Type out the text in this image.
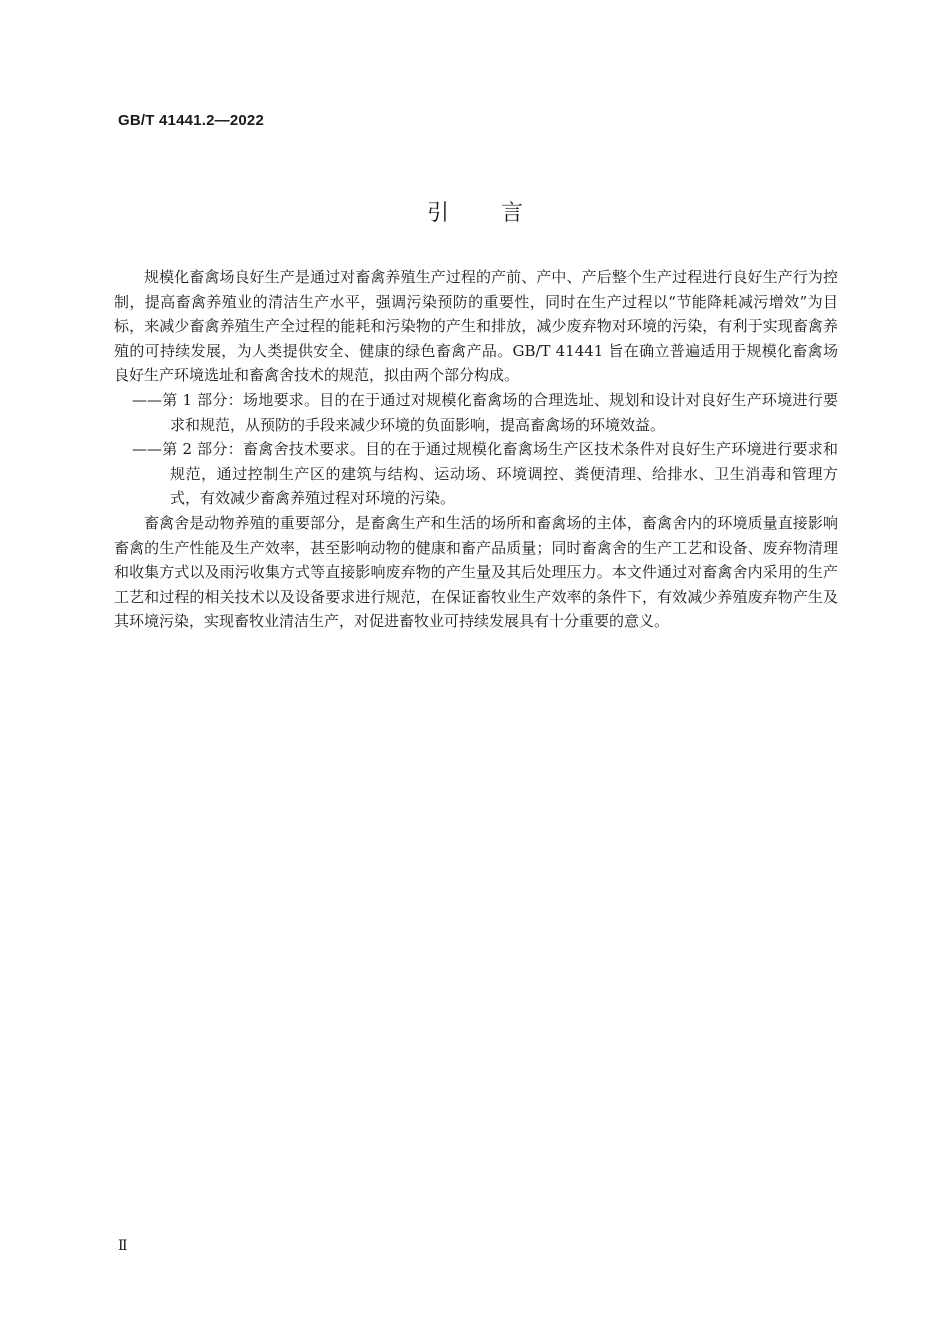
GB/T 41441.2—2022
引言

规模化畜禽场良好生产是通过对畜禽养殖生产过程的产前、产中、产后整个生产过程进行良好生产行为控制，提高畜禽养殖业的清洁生产水平，强调污染预防的重要性，同时在生产过程以“节能降耗减污增效”为目标，来减少畜禽养殖生产全过程的能耗和污染物的产生和排放，减少废弃物对环境的污染，有利于实现畜禽养殖的可持续发展，为人类提供安全、健康的绿色畜禽产品。GB/T 41441 旨在确立普遍适用于规模化畜禽场良好生产环境选址和畜禽舍技术的规范，拟由两个部分构成。

——第 1 部分：场地要求。目的在于通过对规模化畜禽场的合理选址、规划和设计对良好生产环境进行要求和规范，从预防的手段来减少环境的负面影响，提高畜禽场的环境效益。

——第 2 部分：畜禽舍技术要求。目的在于通过规模化畜禽场生产区技术条件对良好生产环境进行要求和规范，通过控制生产区的建筑与结构、运动场、环境调控、粪便清理、给排水、卫生消毒和管理方式，有效减少畜禽养殖过程对环境的污染。

畜禽舍是动物养殖的重要部分，是畜禽生产和生活的场所和畜禽场的主体，畜禽舍内的环境质量直接影响畜禽的生产性能及生产效率，甚至影响动物的健康和畜产品质量；同时畜禽舍的生产工艺和设备、废弃物清理和收集方式以及雨污收集方式等直接影响废弃物的产生量及其后处理压力。本文件通过对畜禽舍内采用的生产工艺和过程的相关技术以及设备要求进行规范，在保证畜牧业生产效率的条件下，有效减少养殖废弃物产生及其环境污染，实现畜牧业清洁生产，对促进畜牧业可持续发展具有十分重要的意义。

Ⅱ
